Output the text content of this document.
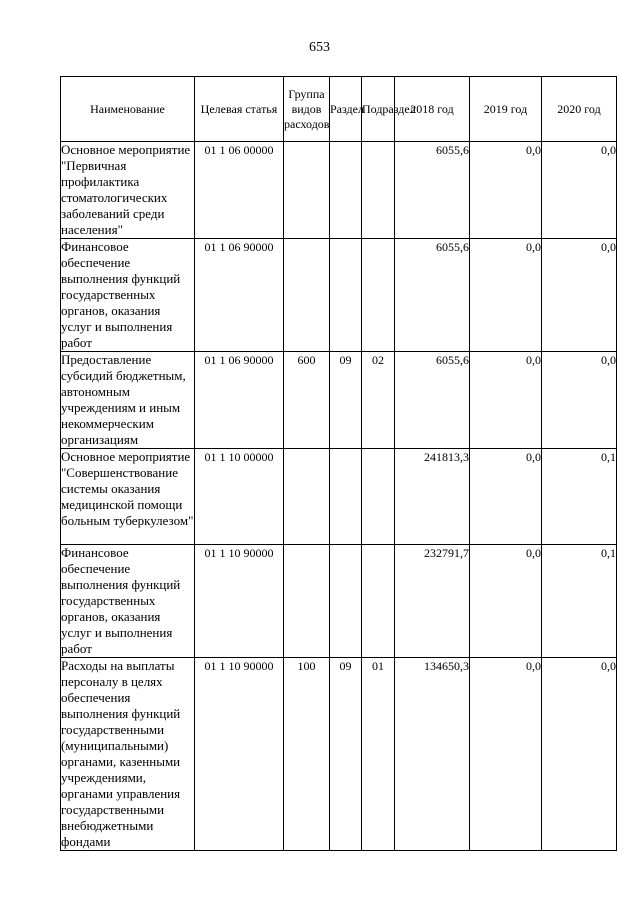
653
Наименование	Целевая статья	Группа видов расходов	Раздел	Подраздел	2018 год	2019 год	2020 год
Основное мероприятие "Первичная профилактика стоматологических заболеваний среди населения"	01 1 06 00000				6055,6	0,0	0,0
Финансовое обеспечение выполнения функций государственных органов, оказания услуг и выполнения работ	01 1 06 90000				6055,6	0,0	0,0
Предоставление субсидий бюджетным, автономным учреждениям и иным некоммерческим организациям	01 1 06 90000	600	09	02	6055,6	0,0	0,0
Основное мероприятие "Совершенствование системы оказания медицинской помощи больным туберкулезом"	01 1 10 00000				241813,3	0,0	0,1
Финансовое обеспечение выполнения функций государственных органов, оказания услуг и выполнения работ	01 1 10 90000				232791,7	0,0	0,1
Расходы на выплаты персоналу в целях обеспечения выполнения функций государственными (муниципальными) органами, казенными учреждениями, органами управления государственными внебюджетными фондами	01 1 10 90000	100	09	01	134650,3	0,0	0,0
